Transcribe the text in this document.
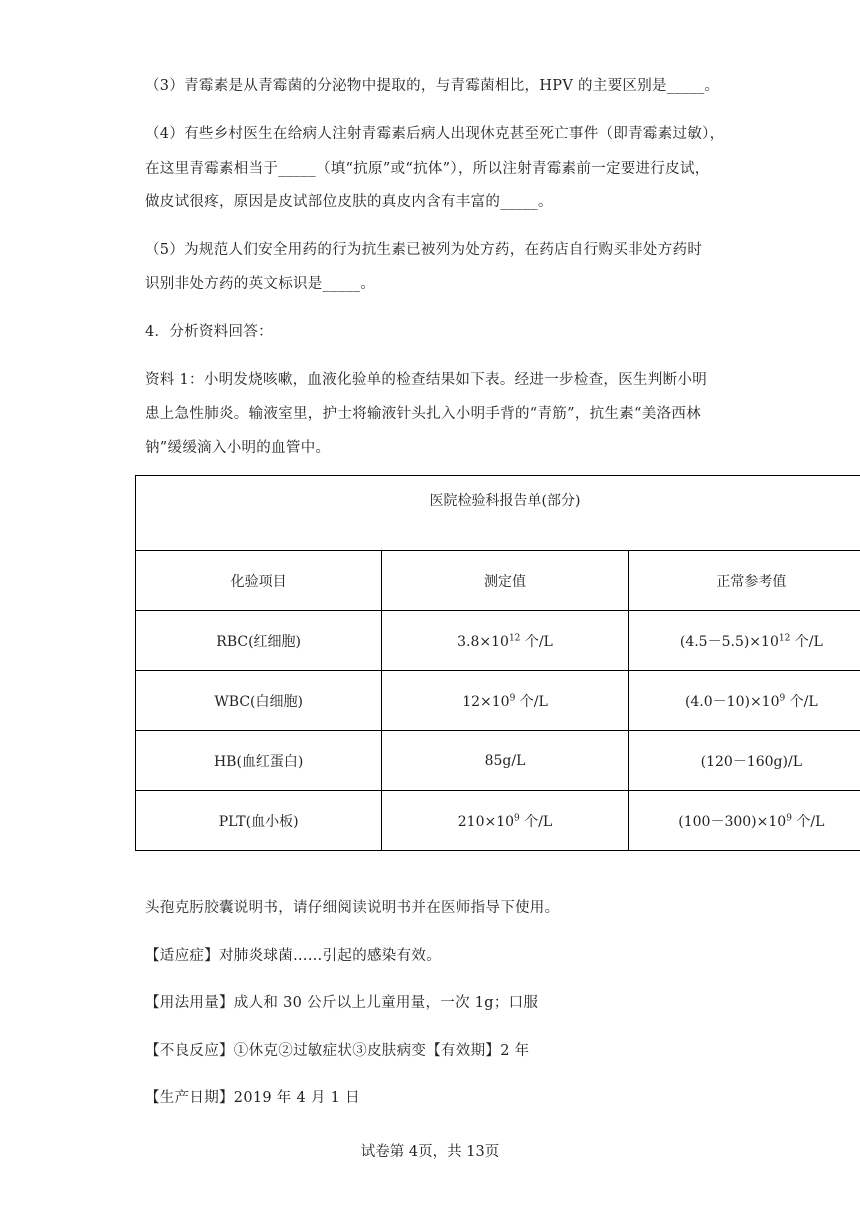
（3）青霉素是从青霉菌的分泌物中提取的，与青霉菌相比，HPV 的主要区别是_____。
（4）有些乡村医生在给病人注射青霉素后病人出现休克甚至死亡事件（即青霉素过敏），
在这里青霉素相当于_____（填“抗原”或“抗体”），所以注射青霉素前一定要进行皮试，
做皮试很疼，原因是皮试部位皮肤的真皮内含有丰富的_____。
（5）为规范人们安全用药的行为抗生素已被列为处方药，在药店自行购买非处方药时
识别非处方药的英文标识是_____。
4．分析资料回答：
资料 1：小明发烧咳嗽，血液化验单的检查结果如下表。经进一步检查，医生判断小明
患上急性肺炎。输液室里，护士将输液针头扎入小明手背的“青筋”，抗生素“美洛西林
钠”缓缓滴入小明的血管中。
医院检验科报告单(部分)		
化验项目	测定值	正常参考值
RBC(红细胞)	$3.8\times 10^{12}$ 个/L	$(4.5-5.5)\times 10^{12}$ 个/L
WBC(白细胞)	$12\times 10^9$ 个/L	$(4.0-10)\times 10^9$ 个/L
HB(血红蛋白)	85g/L	(120－160g)/L
PLT(血小板)	$210\times 10^9$ 个/L	$(100-300)\times 10^9$ 个/L
头孢克肟胶囊说明书，请仔细阅读说明书并在医师指导下使用。
【适应症】对肺炎球菌……引起的感染有效。
【用法用量】成人和 30 公斤以上儿童用量，一次 1g；口服
【不良反应】①休克②过敏症状③皮肤病变【有效期】2 年
【生产日期】2019 年 4 月 1 日
试卷第 4页，共 13页
